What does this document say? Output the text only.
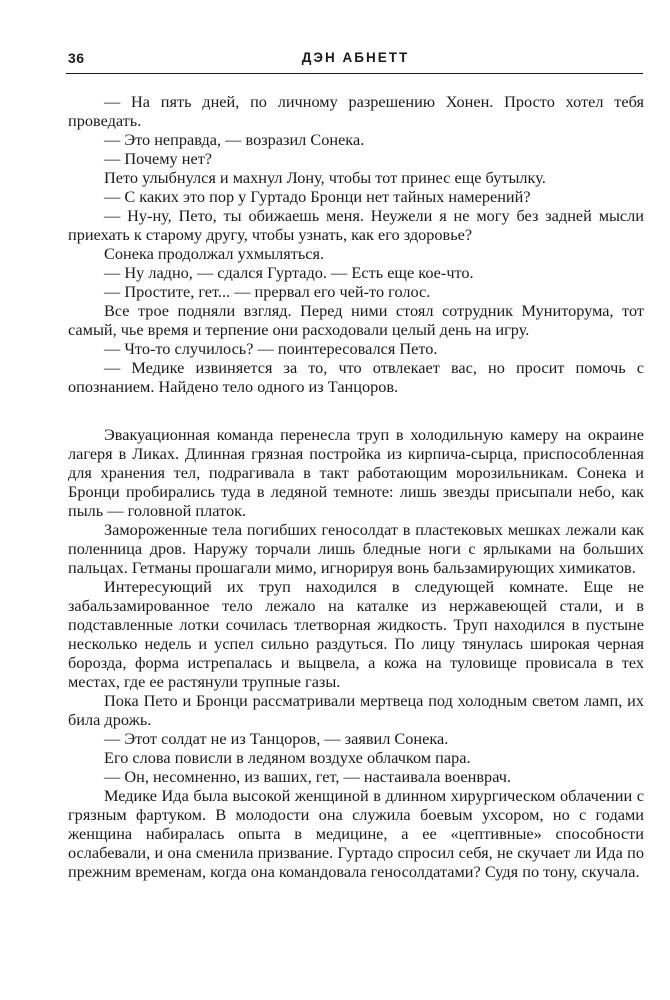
36	ДЭН АБНЕТТ

— На пять дней, по личному разрешению Хонен. Просто хотел тебя проведать.

— Это неправда, — возразил Сонека.

— Почему нет?

Пето улыбнулся и махнул Лону, чтобы тот принес еще бутылку.

— С каких это пор у Гуртадо Бронци нет тайных намерений?

— Ну-ну, Пето, ты обижаешь меня. Неужели я не могу без задней мысли приехать к старому другу, чтобы узнать, как его здоровье?

Сонека продолжал ухмыляться.

— Ну ладно, — сдался Гуртадо. — Есть еще кое-что.

— Простите, гет... — прервал его чей-то голос.

Все трое подняли взгляд. Перед ними стоял сотрудник Муниторума, тот самый, чье время и терпение они расходовали целый день на игру.

— Что-то случилось? — поинтересовался Пето.

— Медике извиняется за то, что отвлекает вас, но просит помочь с опознанием. Найдено тело одного из Танцоров.

Эвакуационная команда перенесла труп в холодильную камеру на окраине лагеря в Ликах. Длинная грязная постройка из кирпича-сырца, приспособленная для хранения тел, подрагивала в такт работающим морозильникам. Сонека и Бронци пробирались туда в ледяной темноте: лишь звезды присыпали небо, как пыль — головной платок.

Замороженные тела погибших геносолдат в пластековых мешках лежали как поленница дров. Наружу торчали лишь бледные ноги с ярлыками на больших пальцах. Гетманы прошагали мимо, игнорируя вонь бальзамирующих химикатов.

Интересующий их труп находился в следующей комнате. Еще не забальзамированное тело лежало на каталке из нержавеющей стали, и в подставленные лотки сочилась тлетворная жидкость. Труп находился в пустыне несколько недель и успел сильно раздуться. По лицу тянулась широкая черная борозда, форма истрепалась и выцвела, а кожа на туловище провисала в тех местах, где ее растянули трупные газы.

Пока Пето и Бронци рассматривали мертвеца под холодным светом ламп, их била дрожь.

— Этот солдат не из Танцоров, — заявил Сонека.

Его слова повисли в ледяном воздухе облачком пара.

— Он, несомненно, из ваших, гет, — настаивала военврач.

Медике Ида была высокой женщиной в длинном хирургическом облачении с грязным фартуком. В молодости она служила боевым ухсором, но с годами женщина набиралась опыта в медицине, а ее «цептивные» способности ослабевали, и она сменила призвание. Гуртадо спросил себя, не скучает ли Ида по прежним временам, когда она командовала геносолдатами? Судя по тону, скучала.
